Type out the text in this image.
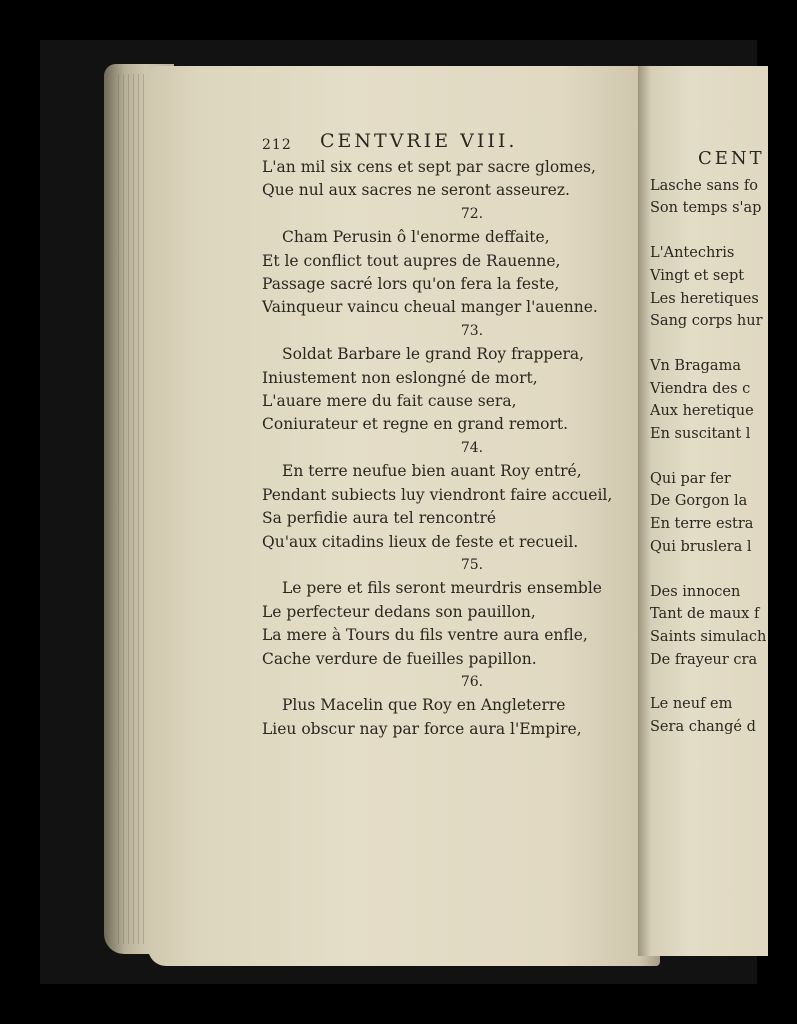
212 CENTVRIE VIII.
L'an mil six cens et sept par sacre glomes,
Que nul aux sacres ne seront asseurez.
72.
Cham Perusin ô l'enorme deffaite,
Et le conflict tout aupres de Rauenne,
Passage sacré lors qu'on fera la feste,
Vainqueur vaincu cheual manger l'auenne.
73.
Soldat Barbare le grand Roy frappera,
Iniustement non eslongné de mort,
L'auare mere du fait cause sera,
Coniurateur et regne en grand remort.
74.
En terre neufue bien auant Roy entré,
Pendant subiects luy viendront faire accueil,
Sa perfidie aura tel rencontré
Qu'aux citadins lieux de feste et recueil.
75.
Le pere et fils seront meurdris ensemble
Le perfecteur dedans son pauillon,
La mere à Tours du fils ventre aura enfle,
Cache verdure de fueilles papillon.
76.
Plus Macelin que Roy en Angleterre
Lieu obscur nay par force aura l'Empire,
CENT
Lasche sans fo
Son temps s'ap
L'Antechris
Vingt et sept
Les heretiques
Sang corps hur
Vn Bragama
Viendra des c
Aux heretique
En suscitant l
Qui par fer
De Gorgon la
En terre estra
Qui bruslera l
Des innocen
Tant de maux f
Saints simulach
De frayeur cra
Le neuf em
Sera changé d
